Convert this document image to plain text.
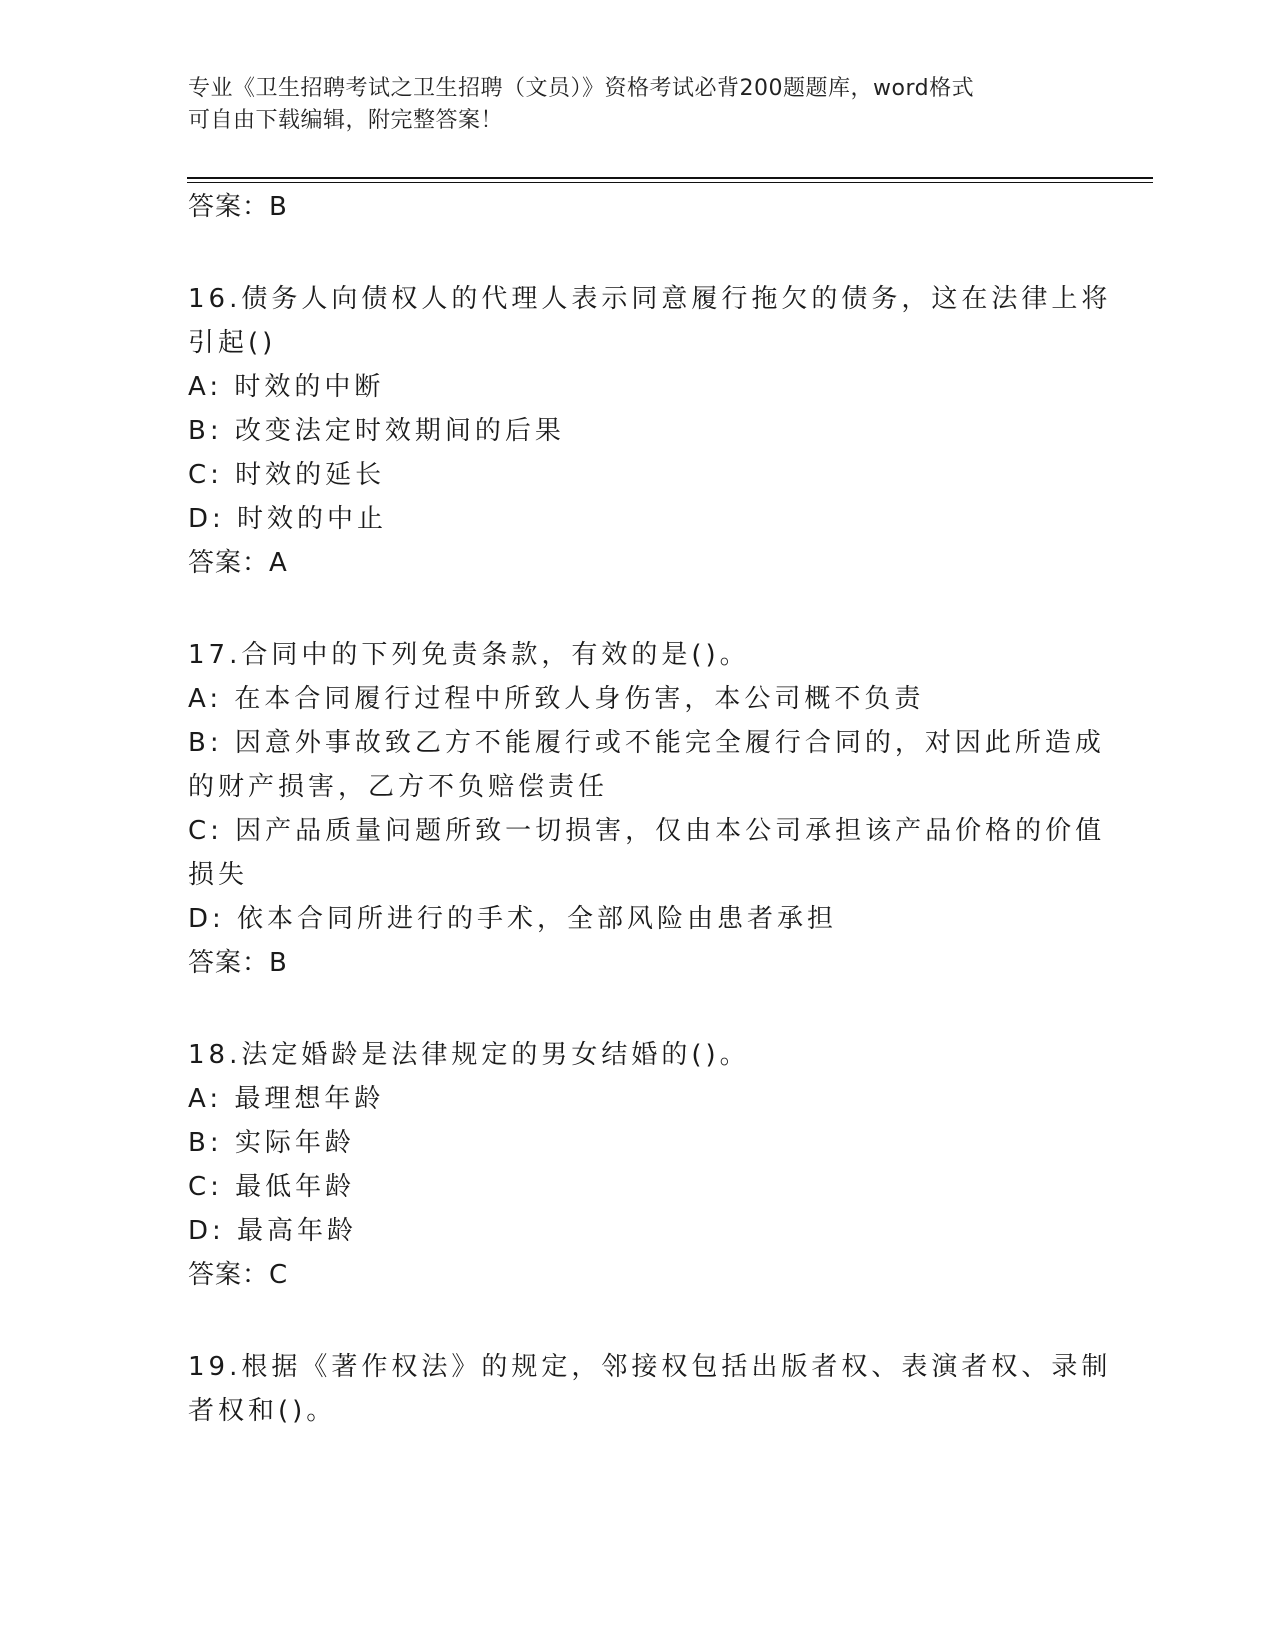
专业《卫生招聘考试之卫生招聘（文员）》资格考试必背200题题库，word格式
可自由下载编辑，附完整答案！
答案：B
16.债务人向债权人的代理人表示同意履行拖欠的债务，这在法律上将
引起()
A: 时效的中断
B: 改变法定时效期间的后果
C: 时效的延长
D: 时效的中止
答案：A
17.合同中的下列免责条款，有效的是()。
A: 在本合同履行过程中所致人身伤害，本公司概不负责
B: 因意外事故致乙方不能履行或不能完全履行合同的，对因此所造成
的财产损害，乙方不负赔偿责任
C: 因产品质量问题所致一切损害，仅由本公司承担该产品价格的价值
损失
D: 依本合同所进行的手术，全部风险由患者承担
答案：B
18.法定婚龄是法律规定的男女结婚的()。
A: 最理想年龄
B: 实际年龄
C: 最低年龄
D: 最高年龄
答案：C
19.根据《著作权法》的规定，邻接权包括出版者权、表演者权、录制
者权和()。
